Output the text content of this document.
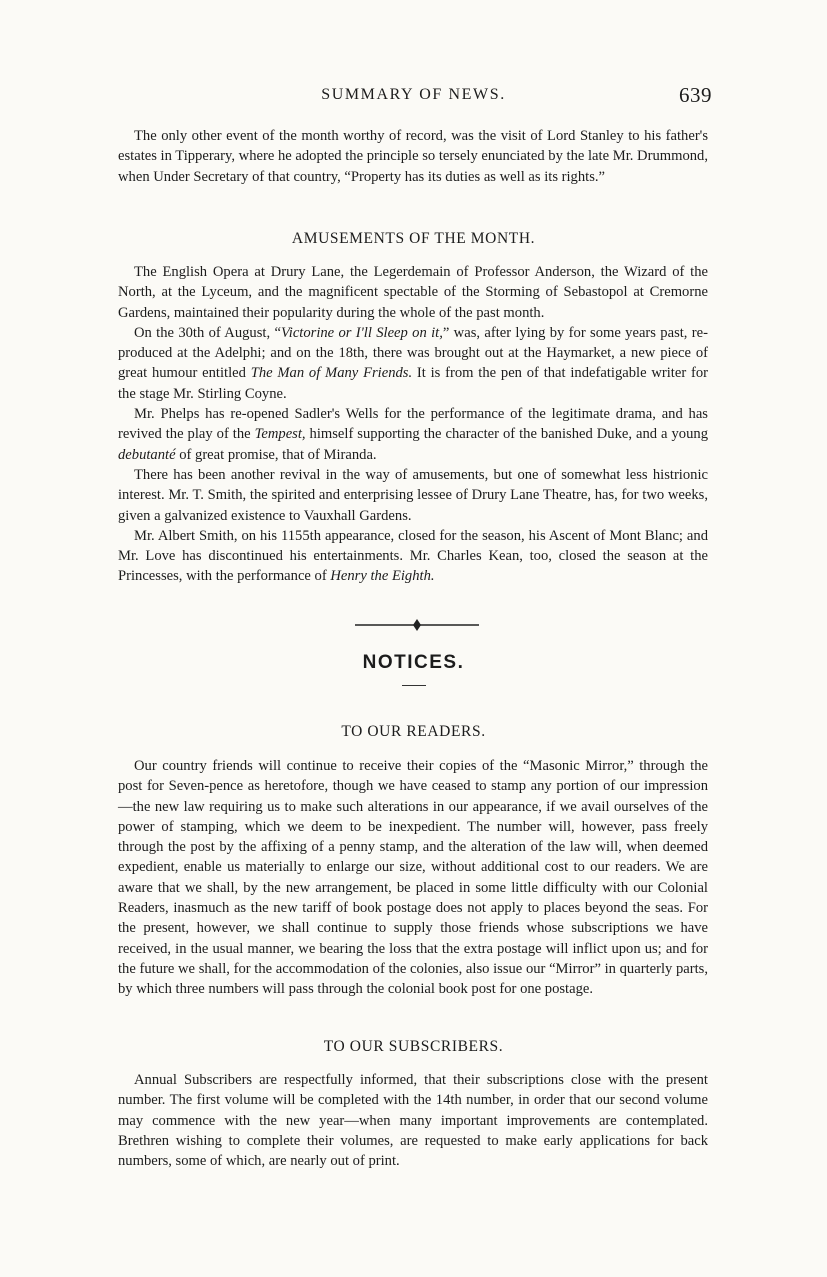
SUMMARY OF NEWS.	639

The only other event of the month worthy of record, was the visit of Lord Stanley to his father's estates in Tipperary, where he adopted the principle so tersely enunciated by the late Mr. Drummond, when Under Secretary of that country, “Property has its duties as well as its rights.”

AMUSEMENTS OF THE MONTH.

The English Opera at Drury Lane, the Legerdemain of Professor Anderson, the Wizard of the North, at the Lyceum, and the magnificent spectable of the Storming of Sebastopol at Cremorne Gardens, maintained their popularity during the whole of the past month.

On the 30th of August, “Victorine or I'll Sleep on it,” was, after lying by for some years past, re-produced at the Adelphi; and on the 18th, there was brought out at the Haymarket, a new piece of great humour entitled The Man of Many Friends. It is from the pen of that indefatigable writer for the stage Mr. Stirling Coyne.

Mr. Phelps has re-opened Sadler's Wells for the performance of the legitimate drama, and has revived the play of the Tempest, himself supporting the character of the banished Duke, and a young debutanté of great promise, that of Miranda.

There has been another revival in the way of amusements, but one of somewhat less histrionic interest. Mr. T. Smith, the spirited and enterprising lessee of Drury Lane Theatre, has, for two weeks, given a galvanized existence to Vauxhall Gardens.

Mr. Albert Smith, on his 1155th appearance, closed for the season, his Ascent of Mont Blanc; and Mr. Love has discontinued his entertainments. Mr. Charles Kean, too, closed the season at the Princesses, with the performance of Henry the Eighth.

NOTICES.
TO OUR READERS.

Our country friends will continue to receive their copies of the “Masonic Mirror,” through the post for Seven-pence as heretofore, though we have ceased to stamp any portion of our impression—the new law requiring us to make such alterations in our appearance, if we avail ourselves of the power of stamping, which we deem to be inexpedient. The number will, however, pass freely through the post by the affixing of a penny stamp, and the alteration of the law will, when deemed expedient, enable us materially to enlarge our size, without additional cost to our readers. We are aware that we shall, by the new arrangement, be placed in some little difficulty with our Colonial Readers, inasmuch as the new tariff of book postage does not apply to places beyond the seas. For the present, however, we shall continue to supply those friends whose subscriptions we have received, in the usual manner, we bearing the loss that the extra postage will inflict upon us; and for the future we shall, for the accommodation of the colonies, also issue our “Mirror” in quarterly parts, by which three numbers will pass through the colonial book post for one postage.

TO OUR SUBSCRIBERS.

Annual Subscribers are respectfully informed, that their subscriptions close with the present number. The first volume will be completed with the 14th number, in order that our second volume may commence with the new year—when many important improvements are contemplated. Brethren wishing to complete their volumes, are requested to make early applications for back numbers, some of which, are nearly out of print.
